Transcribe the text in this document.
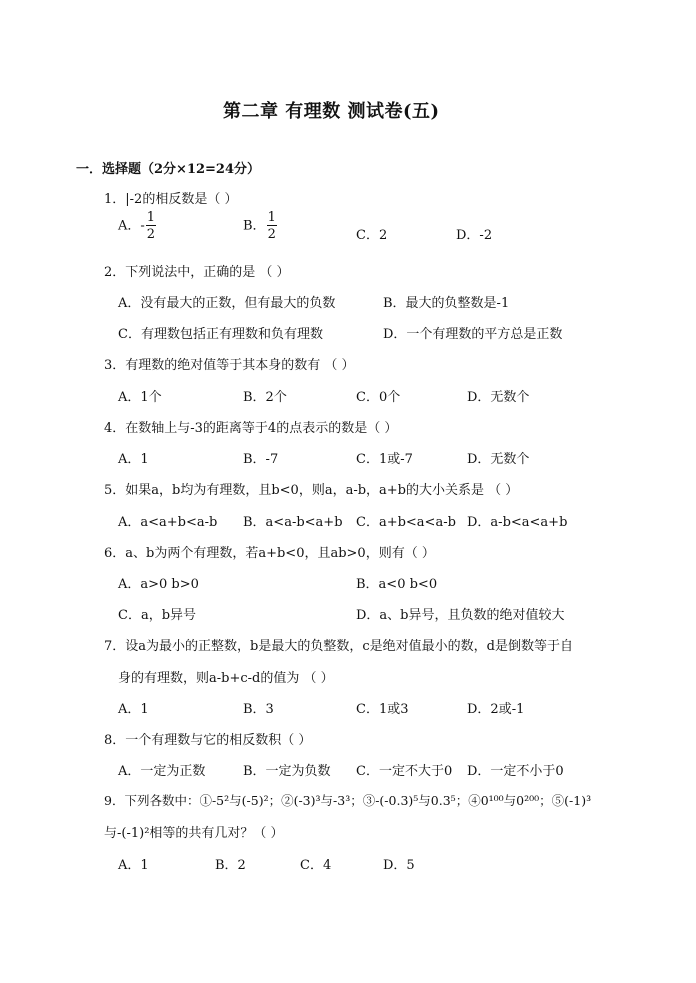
第二章 有理数 测试卷(五)
一．选择题（2分×12=24分）
1．|-2的相反数是（ ）
A．- $\frac{1}{2}$	B． $\frac{1}{2}$	C．2	D．-2
2．下列说法中，正确的是 （ ）
A．没有最大的正数，但有最大的负数	B．最大的负整数是-1
C．有理数包括正有理数和负有理数	D．一个有理数的平方总是正数
3．有理数的绝对值等于其本身的数有 （ ）
A．1个	B．2个	C．0个	D．无数个
4．在数轴上与-3的距离等于4的点表示的数是（ ）
A．1	B．-7	C．1或-7	D．无数个
5．如果a，b均为有理数，且b<0，则a，a-b，a+b的大小关系是 （ ）
A．a<a+b<a-b B．a<a-b<a+b C．a+b<a<a-b D．a-b<a<a+b
6．a、b为两个有理数，若a+b<0，且ab>0，则有（ ）
A．a>0 b>0	B．a<0 b<0
C．a，b异号	D．a、b异号，且负数的绝对值较大
7．设a为最小的正整数，b是最大的负整数，c是绝对值最小的数，d是倒数等于自
身的有理数，则a-b+c-d的值为 （ ）
A．1	B．3	C．1或3	D．2或-1
8．一个有理数与它的相反数积（ ）
A．一定为正数	B．一定为负数 C．一定不大于0 D．一定不小于0
9．下列各数中：①-5²与(-5)²；②(-3)³与-3³；③-(-0.3)⁵与0.3⁵；④0¹⁰⁰与0²⁰⁰；⑤(-1)³
与-(-1)²相等的共有几对？（ ）
A．1	B．2	C．4	D．5
